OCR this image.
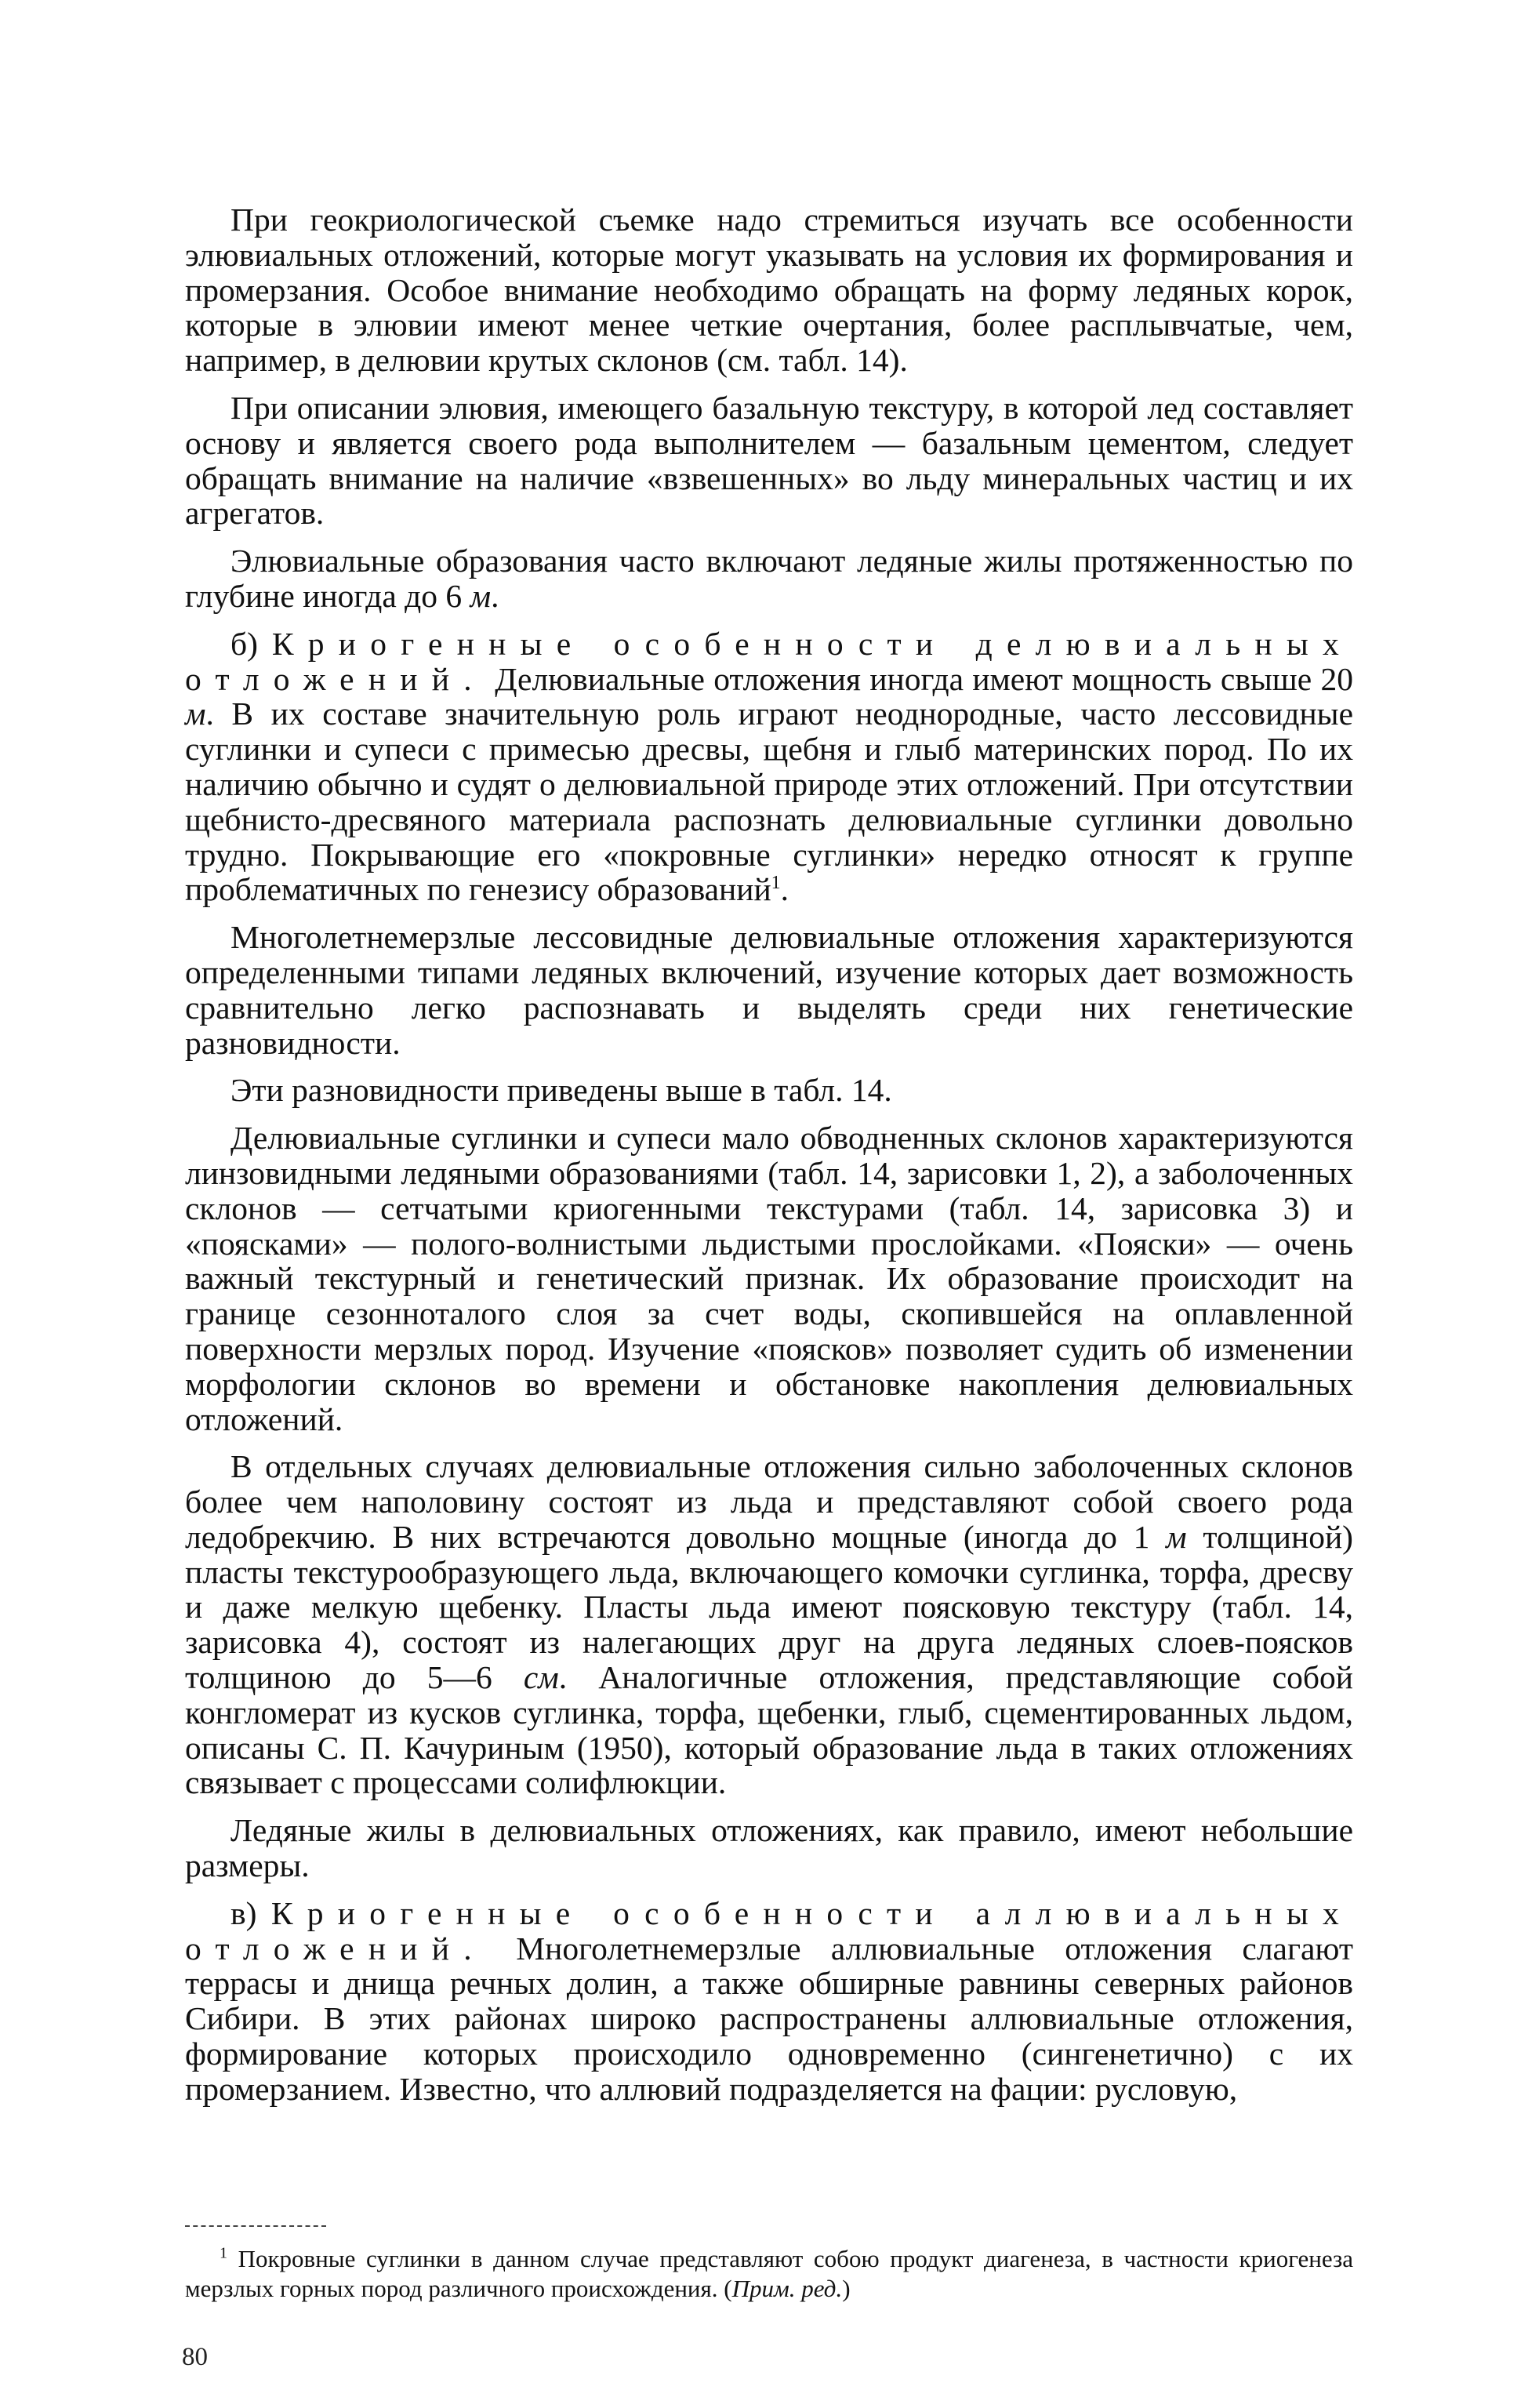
При геокриологической съемке надо стремиться изучать все особенности элювиальных отложений, которые могут указывать на условия их формирования и промерзания. Особое внимание необходимо обращать на форму ледяных корок, которые в элювии имеют менее четкие очертания, более расплывчатые, чем, например, в делювии крутых склонов (см. табл. 14).

При описании элювия, имеющего базальную текстуру, в которой лед составляет основу и является своего рода выполнителем — базальным цементом, следует обращать внимание на наличие «взвешенных» во льду минеральных частиц и их агрегатов.

Элювиальные образования часто включают ледяные жилы протяженностью по глубине иногда до 6 м.

б) Криогенные особенности делювиальных отложений. Делювиальные отложения иногда имеют мощность свыше 20 м. В их составе значительную роль играют неоднородные, часто лессовидные суглинки и супеси с примесью дресвы, щебня и глыб материнских пород. По их наличию обычно и судят о делювиальной природе этих отложений. При отсутствии щебнисто-дресвяного материала распознать делювиальные суглинки довольно трудно. Покрывающие его «покровные суглинки» нередко относят к группе проблематичных по генезису образований$^1$.

Многолетнемерзлые лессовидные делювиальные отложения характеризуются определенными типами ледяных включений, изучение которых дает возможность сравнительно легко распознавать и выделять среди них генетические разновидности.

Эти разновидности приведены выше в табл. 14.

Делювиальные суглинки и супеси мало обводненных склонов характеризуются линзовидными ледяными образованиями (табл. 14, зарисовки 1, 2), а заболоченных склонов — сетчатыми криогенными текстурами (табл. 14, зарисовка 3) и «поясками» — полого-волнистыми льдистыми прослойками. «Пояски» — очень важный текстурный и генетический признак. Их образование происходит на границе сезонноталого слоя за счет воды, скопившейся на оплавленной поверхности мерзлых пород. Изучение «поясков» позволяет судить об изменении морфологии склонов во времени и обстановке накопления делювиальных отложений.

В отдельных случаях делювиальные отложения сильно заболоченных склонов более чем наполовину состоят из льда и представляют собой своего рода ледобрекчию. В них встречаются довольно мощные (иногда до 1 м толщиной) пласты текстурообразующего льда, включающего комочки суглинка, торфа, дресву и даже мелкую щебенку. Пласты льда имеют поясковую текстуру (табл. 14, зарисовка 4), состоят из налегающих друг на друга ледяных слоев-поясков толщиною до 5—6 см. Аналогичные отложения, представляющие собой конгломерат из кусков суглинка, торфа, щебенки, глыб, сцементированных льдом, описаны С. П. Качуриным (1950), который образование льда в таких отложениях связывает с процессами солифлюкции.

Ледяные жилы в делювиальных отложениях, как правило, имеют небольшие размеры.

в) Криогенные особенности аллювиальных отложений. Многолетнемерзлые аллювиальные отложения слагают террасы и днища речных долин, а также обширные равнины северных районов Сибири. В этих районах широко распространены аллювиальные отложения, формирование которых происходило одновременно (сингенетично) с их промерзанием. Известно, что аллювий подразделяется на фации: русловую,

$^1$ Покровные суглинки в данном случае представляют собою продукт диагенеза, в частности криогенеза мерзлых горных пород различного происхождения. (Прим. ред.)
80
